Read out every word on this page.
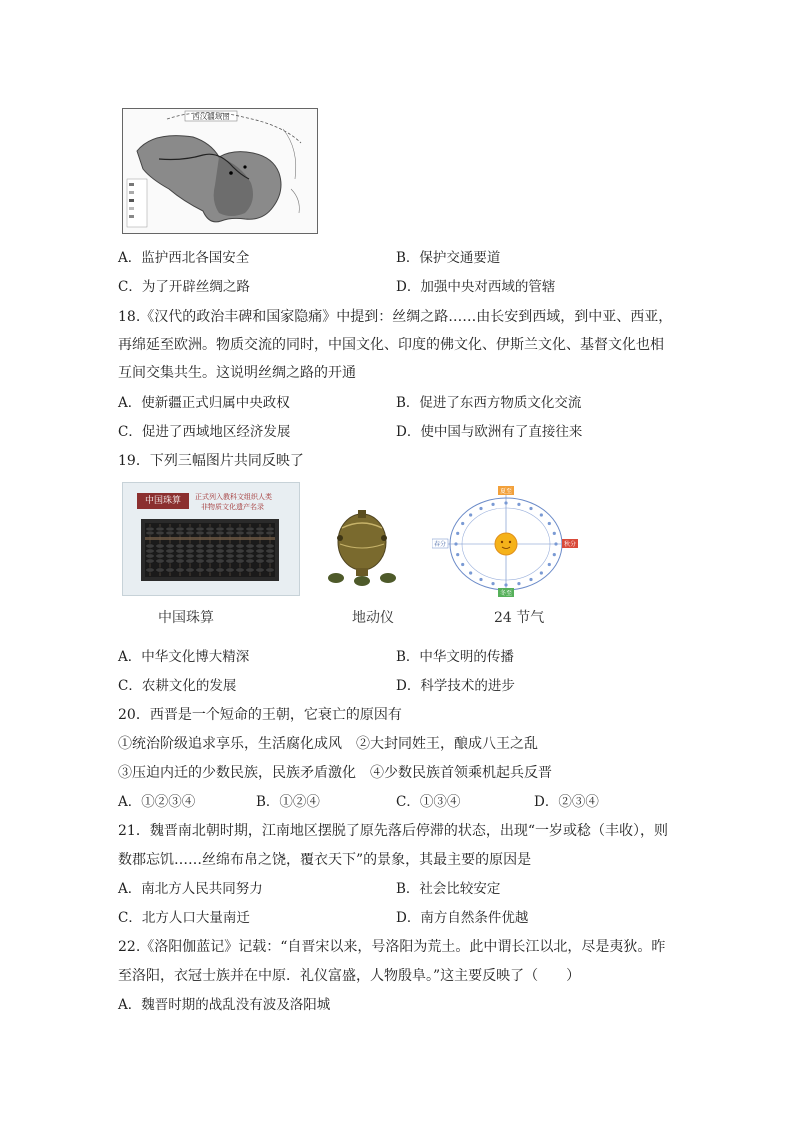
西汉疆域图
A．监护西北各国安全	B．保护交通要道
C．为了开辟丝绸之路	D．加强中央对西域的管辖
18.《汉代的政治丰碑和国家隐痛》中提到：丝绸之路……由长安到西域，到中亚、西亚，
再绵延至欧洲。物质交流的同时，中国文化、印度的佛文化、伊斯兰文化、基督文化也相
互间交集共生。这说明丝绸之路的开通
A．使新疆正式归属中央政权	B．促进了东西方物质文化交流
C．促进了西域地区经济发展	D．使中国与欧洲有了直接往来
19．下列三幅图片共同反映了
中国珠算	正式列入教科文组织人类
非物质文化遗产名录
夏至
冬至
春分	秋分
中国珠算	地动仪	24 节气
A．中华文化博大精深	B．中华文明的传播
C．农耕文化的发展	D．科学技术的进步
20．西晋是一个短命的王朝，它衰亡的原因有
①统治阶级追求享乐，生活腐化成风　②大封同姓王，酿成八王之乱
③压迫内迁的少数民族，民族矛盾激化　④少数民族首领乘机起兵反晋
A．①②③④	B．①②④	C．①③④	D．②③④
21．魏晋南北朝时期，江南地区摆脱了原先落后停滞的状态，出现“一岁或稔（丰收），则
数郡忘饥……丝绵布帛之饶，覆衣天下”的景象，其最主要的原因是
A．南北方人民共同努力	B．社会比较安定
C．北方人口大量南迁	D．南方自然条件优越
22.《洛阳伽蓝记》记载：“自晋宋以来，号洛阳为荒土。此中谓长江以北，尽是夷狄。昨
至洛阳，衣冠士族并在中原．礼仪富盛，人物殷阜。”这主要反映了（　　）
A．魏晋时期的战乱没有波及洛阳城
